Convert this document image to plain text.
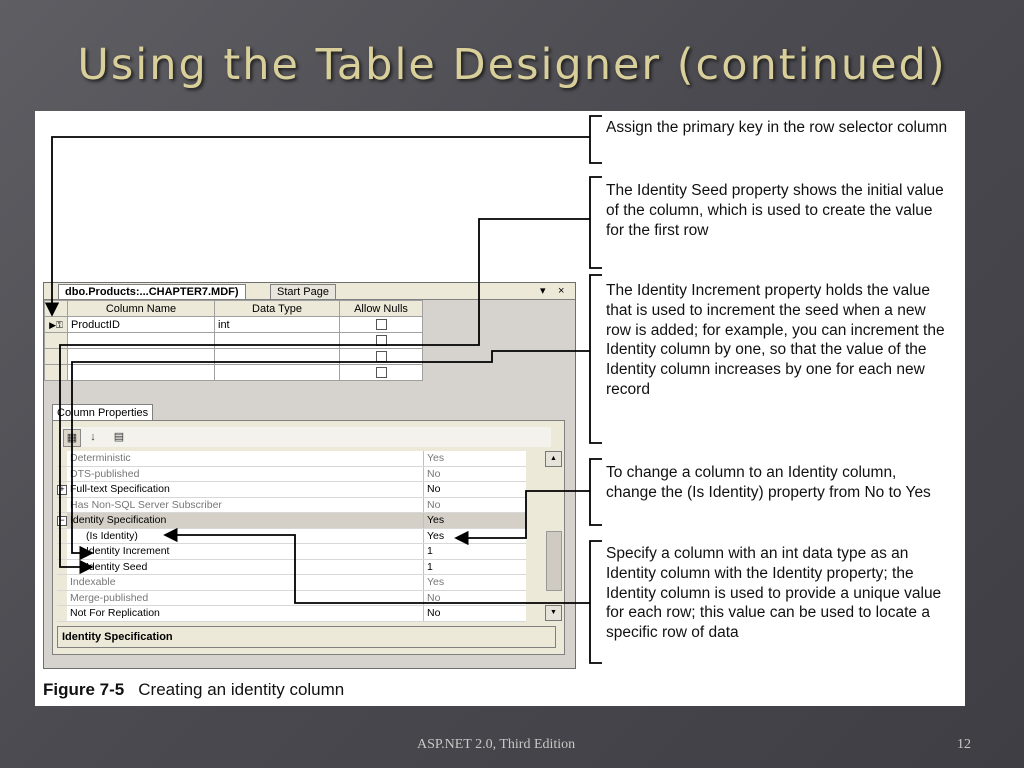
Using the Table Designer (continued)
dbo.Products:...CHAPTER7.MDF)	Start Page	▾ ×
	Column Name	Data Type	Allow Nulls
▶⚿	ProductID	int	

Column Properties
▦	↓	▤
	Deterministic	Yes
	DTS-published	No
+	Full-text Specification	No
	Has Non-SQL Server Subscriber	No
−	Identity Specification	Yes
	(Is Identity)	Yes
	Identity Increment	1
	Identity Seed	1
	Indexable	Yes
	Merge-published	No
	Not For Replication	No
▲
▼
Identity Specification
Figure 7-5 Creating an identity column
Assign the primary key in the row selector column
The Identity Seed property shows the initial value of the column, which is used to create the value for the first row
The Identity Increment property holds the value that is used to increment the seed when a new row is added; for example, you can increment the Identity column by one, so that the value of the Identity column increases by one for each new record
To change a column to an Identity column, change the (Is Identity) property from No to Yes
Specify a column with an int data type as an Identity column with the Identity property; the Identity column is used to provide a unique value for each row; this value can be used to locate a specific row of data
ASP.NET 2.0, Third Edition	12
